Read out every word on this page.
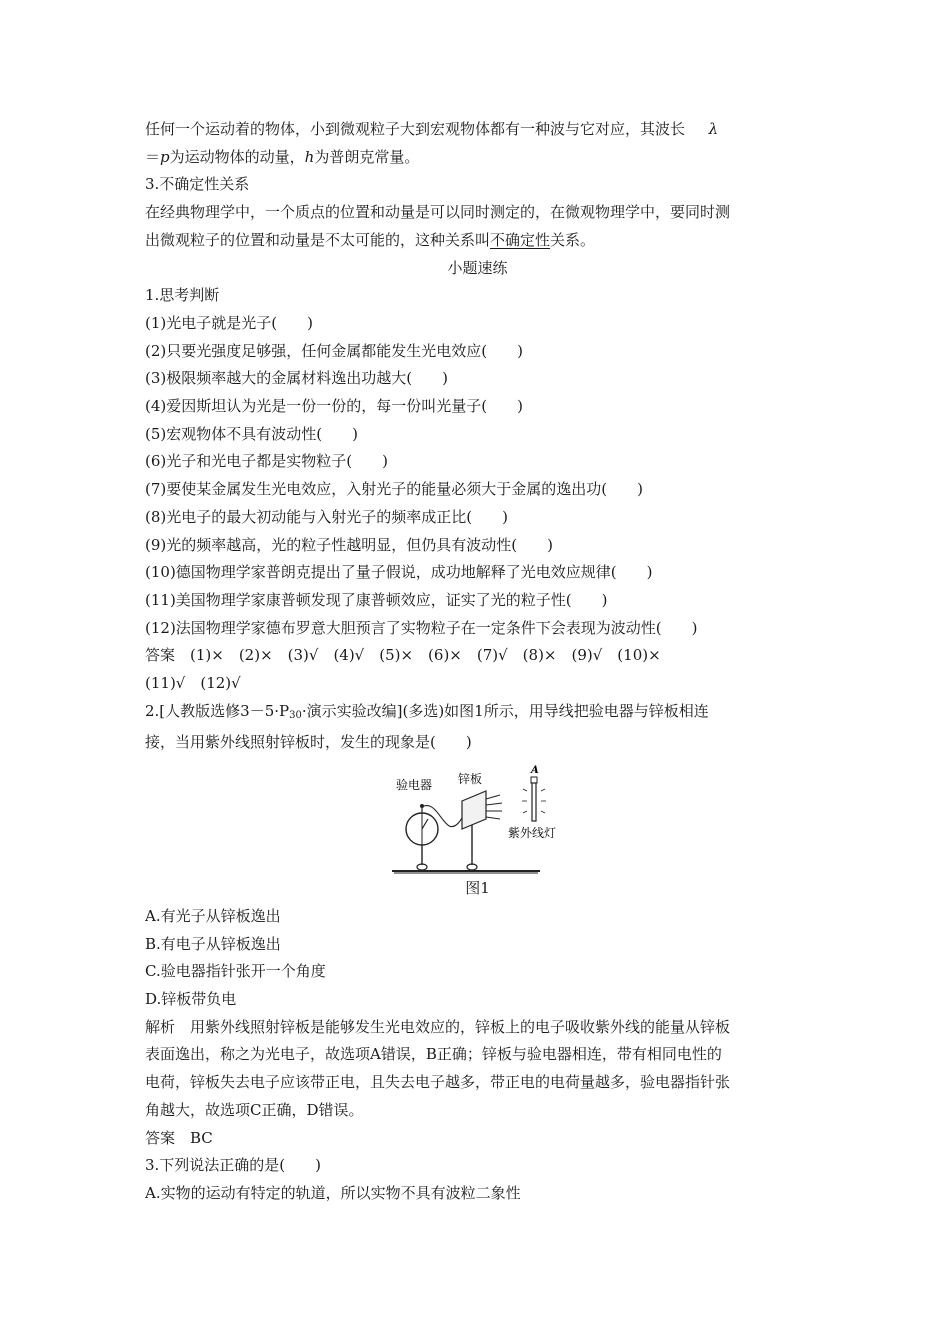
任何一个运动着的物体，小到微观粒子大到宏观物体都有一种波与它对应，其波长 λ
＝p为运动物体的动量，h为普朗克常量。
3.不确定性关系
在经典物理学中，一个质点的位置和动量是可以同时测定的，在微观物理学中，要同时测
出微观粒子的位置和动量是不太可能的，这种关系叫不确定性关系。
小题速练
1.思考判断
(1)光电子就是光子(　　)
(2)只要光强度足够强，任何金属都能发生光电效应(　　)
(3)极限频率越大的金属材料逸出功越大(　　)
(4)爱因斯坦认为光是一份一份的，每一份叫光量子(　　)
(5)宏观物体不具有波动性(　　)
(6)光子和光电子都是实物粒子(　　)
(7)要使某金属发生光电效应，入射光子的能量必须大于金属的逸出功(　　)
(8)光电子的最大初动能与入射光子的频率成正比(　　)
(9)光的频率越高，光的粒子性越明显，但仍具有波动性(　　)
(10)德国物理学家普朗克提出了量子假说，成功地解释了光电效应规律(　　)
(11)美国物理学家康普顿发现了康普顿效应，证实了光的粒子性(　　)
(12)法国物理学家德布罗意大胆预言了实物粒子在一定条件下会表现为波动性(　　)
答案　(1)×　(2)×　(3)√　(4)√　(5)×　(6)×　(7)√　(8)×　(9)√　(10)×
(11)√　(12)√
2.[人教版选修$3-5\cdot P_{30}\cdot$演示实验改编](多选)如图1所示，用导线把验电器与锌板相连
接，当用紫外线照射锌板时，发生的现象是(　　)
验电器 锌板
A
紫外线灯
图1
A.有光子从锌板逸出
B.有电子从锌板逸出
C.验电器指针张开一个角度
D.锌板带负电
解析　用紫外线照射锌板是能够发生光电效应的，锌板上的电子吸收紫外线的能量从锌板
表面逸出，称之为光电子，故选项A错误，B正确；锌板与验电器相连，带有相同电性的
电荷，锌板失去电子应该带正电，且失去电子越多，带正电的电荷量越多，验电器指针张
角越大，故选项C正确，D错误。
答案　BC
3.下列说法正确的是(　　)
A.实物的运动有特定的轨道，所以实物不具有波粒二象性
